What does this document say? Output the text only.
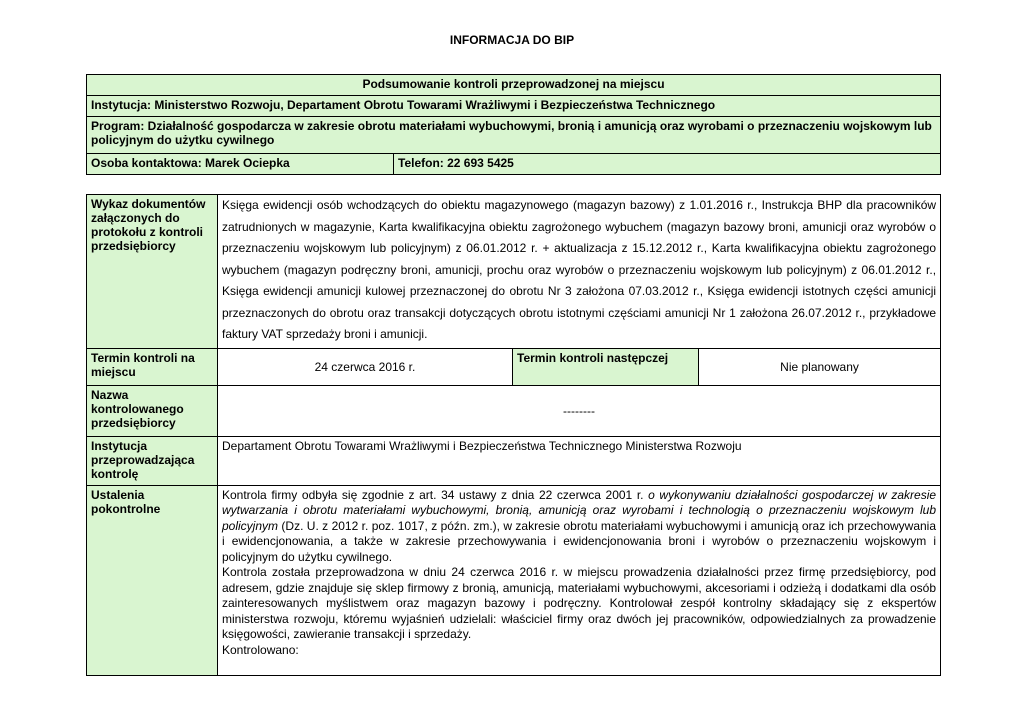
INFORMACJA DO BIP
Podsumowanie kontroli przeprowadzonej na miejscu
Instytucja: Ministerstwo Rozwoju, Departament Obrotu Towarami Wrażliwymi i Bezpieczeństwa Technicznego
Program: Działalność gospodarcza w zakresie obrotu materiałami wybuchowymi, bronią i amunicją oraz wyrobami o przeznaczeniu wojskowym lub policyjnym do użytku cywilnego
Osoba kontaktowa: Marek Ociepka	Telefon: 22 693 5425
Wykaz dokumentów załączonych do protokołu z kontroli przedsiębiorcy	Księga ewidencji osób wchodzących do obiektu magazynowego (magazyn bazowy) z 1.01.2016 r., Instrukcja BHP dla pracowników zatrudnionych w magazynie, Karta kwalifikacyjna obiektu zagrożonego wybuchem (magazyn bazowy broni, amunicji oraz wyrobów o przeznaczeniu wojskowym lub policyjnym) z 06.01.2012 r. + aktualizacja z 15.12.2012 r., Karta kwalifikacyjna obiektu zagrożonego wybuchem (magazyn podręczny broni, amunicji, prochu oraz wyrobów o przeznaczeniu wojskowym lub policyjnym) z 06.01.2012 r., Księga ewidencji amunicji kulowej przeznaczonej do obrotu Nr 3 założona 07.03.2012 r., Księga ewidencji istotnych części amunicji przeznaczonych do obrotu oraz transakcji dotyczących obrotu istotnymi częściami amunicji Nr 1 założona 26.07.2012 r., przykładowe faktury VAT sprzedaży broni i amunicji.		
Termin kontroli na miejscu	24 czerwca 2016 r.	Termin kontroli następczej	Nie planowany
Nazwa kontrolowanego przedsiębiorcy	--------		
Instytucja przeprowadzająca kontrolę	Departament Obrotu Towarami Wrażliwymi i Bezpieczeństwa Technicznego Ministerstwa Rozwoju		
Ustalenia pokontrolne	Kontrola firmy odbyła się zgodnie z art. 34 ustawy z dnia 22 czerwca 2001 r. o wykonywaniu działalności gospodarczej w zakresie wytwarzania i obrotu materiałami wybuchowymi, bronią, amunicją oraz wyrobami i technologią o przeznaczeniu wojskowym lub policyjnym (Dz. U. z 2012 r. poz. 1017, z późn. zm.), w zakresie obrotu materiałami wybuchowymi i amunicją oraz ich przechowywania i ewidencjonowania, a także w zakresie przechowywania i ewidencjonowania broni i wyrobów o przeznaczeniu wojskowym i policyjnym do użytku cywilnego.

Kontrola została przeprowadzona w dniu 24 czerwca 2016 r. w miejscu prowadzenia działalności przez firmę przedsiębiorcy, pod adresem, gdzie znajduje się sklep firmowy z bronią, amunicją, materiałami wybuchowymi, akcesoriami i odzieżą i dodatkami dla osób zainteresowanych myślistwem oraz magazyn bazowy i podręczny. Kontrolował zespół kontrolny składający się z ekspertów ministerstwa rozwoju, któremu wyjaśnień udzielali: właściciel firmy oraz dwóch jej pracowników, odpowiedzialnych za prowadzenie księgowości, zawieranie transakcji i sprzedaży.

Kontrolowano:		
